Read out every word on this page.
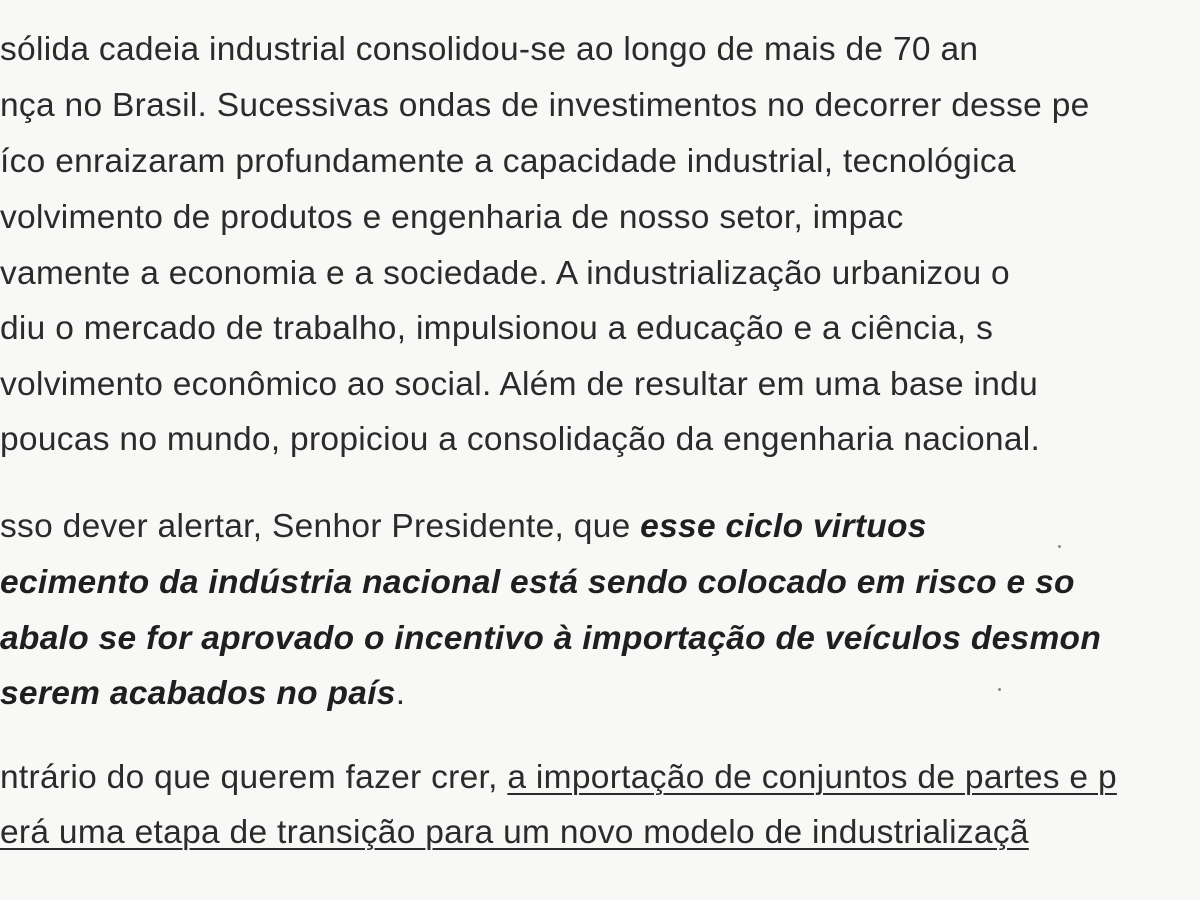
sólida cadeia industrial consolidou-se ao longo de mais de 70 an
nça no Brasil. Sucessivas ondas de investimentos no decorrer desse pe
íco enraizaram profundamente a capacidade industrial, tecnológica
volvimento de produtos e engenharia de nosso setor, impac
vamente a economia e a sociedade. A industrialização urbanizou o
diu o mercado de trabalho, impulsionou a educação e a ciência, s
volvimento econômico ao social. Além de resultar em uma base indu
poucas no mundo, propiciou a consolidação da engenharia nacional.
sso dever alertar, Senhor Presidente, que esse ciclo virtuos
ecimento da indústria nacional está sendo colocado em risco e so
abalo se for aprovado o incentivo à importação de veículos desmon
serem acabados no país.
ntrário do que querem fazer crer, a importação de conjuntos de partes e p
erá uma etapa de transição para um novo modelo de industrializaçã
